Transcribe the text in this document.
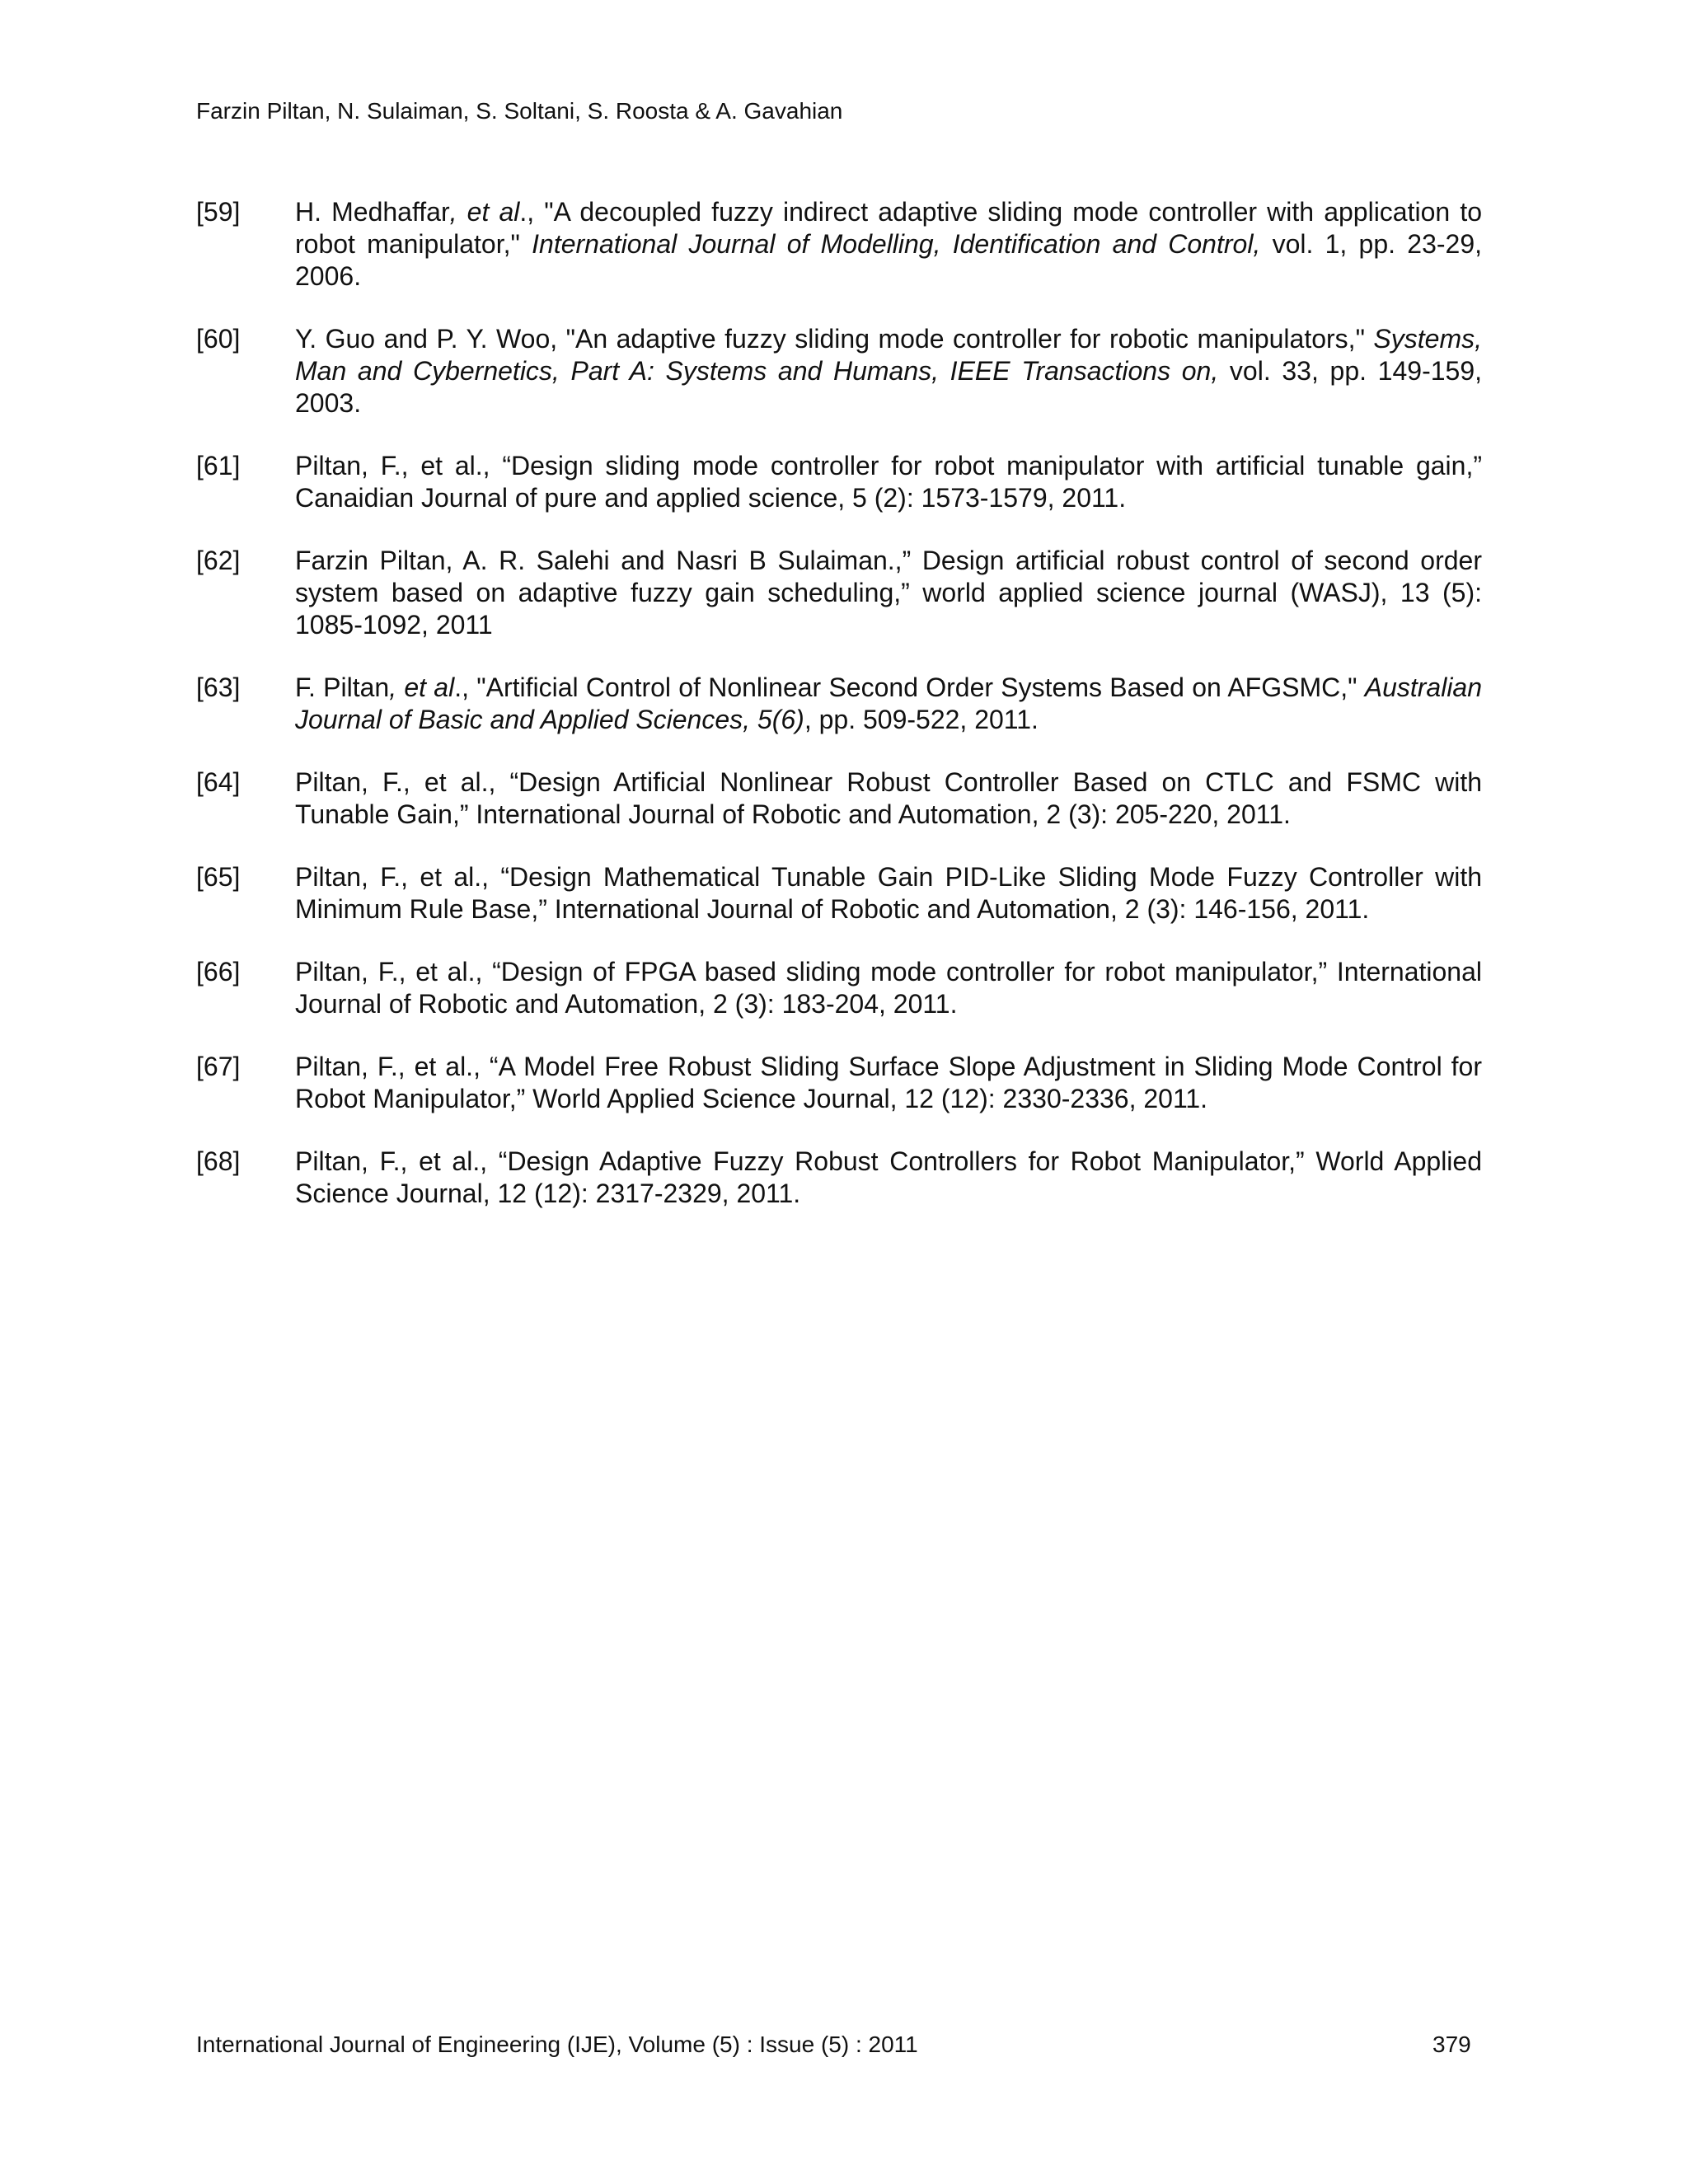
Farzin Piltan, N. Sulaiman, S. Soltani, S. Roosta & A. Gavahian
[59] H. Medhaffar, et al., "A decoupled fuzzy indirect adaptive sliding mode controller with application to robot manipulator," International Journal of Modelling, Identification and Control, vol. 1, pp. 23-29, 2006.
[60] Y. Guo and P. Y. Woo, "An adaptive fuzzy sliding mode controller for robotic manipulators," Systems, Man and Cybernetics, Part A: Systems and Humans, IEEE Transactions on, vol. 33, pp. 149-159, 2003.
[61] Piltan, F., et al., “Design sliding mode controller for robot manipulator with artificial tunable gain,” Canaidian Journal of pure and applied science, 5 (2): 1573-1579, 2011.
[62] Farzin Piltan, A. R. Salehi and Nasri B Sulaiman.,” Design artificial robust control of second order system based on adaptive fuzzy gain scheduling,” world applied science journal (WASJ), 13 (5): 1085-1092, 2011
[63] F. Piltan, et al., "Artificial Control of Nonlinear Second Order Systems Based on AFGSMC," Australian Journal of Basic and Applied Sciences, 5(6), pp. 509-522, 2011.
[64] Piltan, F., et al., “Design Artificial Nonlinear Robust Controller Based on CTLC and FSMC with Tunable Gain,” International Journal of Robotic and Automation, 2 (3): 205-220, 2011.
[65] Piltan, F., et al., “Design Mathematical Tunable Gain PID-Like Sliding Mode Fuzzy Controller with Minimum Rule Base,” International Journal of Robotic and Automation, 2 (3): 146-156, 2011.
[66] Piltan, F., et al., “Design of FPGA based sliding mode controller for robot manipulator,” International Journal of Robotic and Automation, 2 (3): 183-204, 2011.
[67] Piltan, F., et al., “A Model Free Robust Sliding Surface Slope Adjustment in Sliding Mode Control for Robot Manipulator,” World Applied Science Journal, 12 (12): 2330-2336, 2011.
[68] Piltan, F., et al., “Design Adaptive Fuzzy Robust Controllers for Robot Manipulator,” World Applied Science Journal, 12 (12): 2317-2329, 2011.
International Journal of Engineering (IJE), Volume (5) : Issue (5) : 2011	379
